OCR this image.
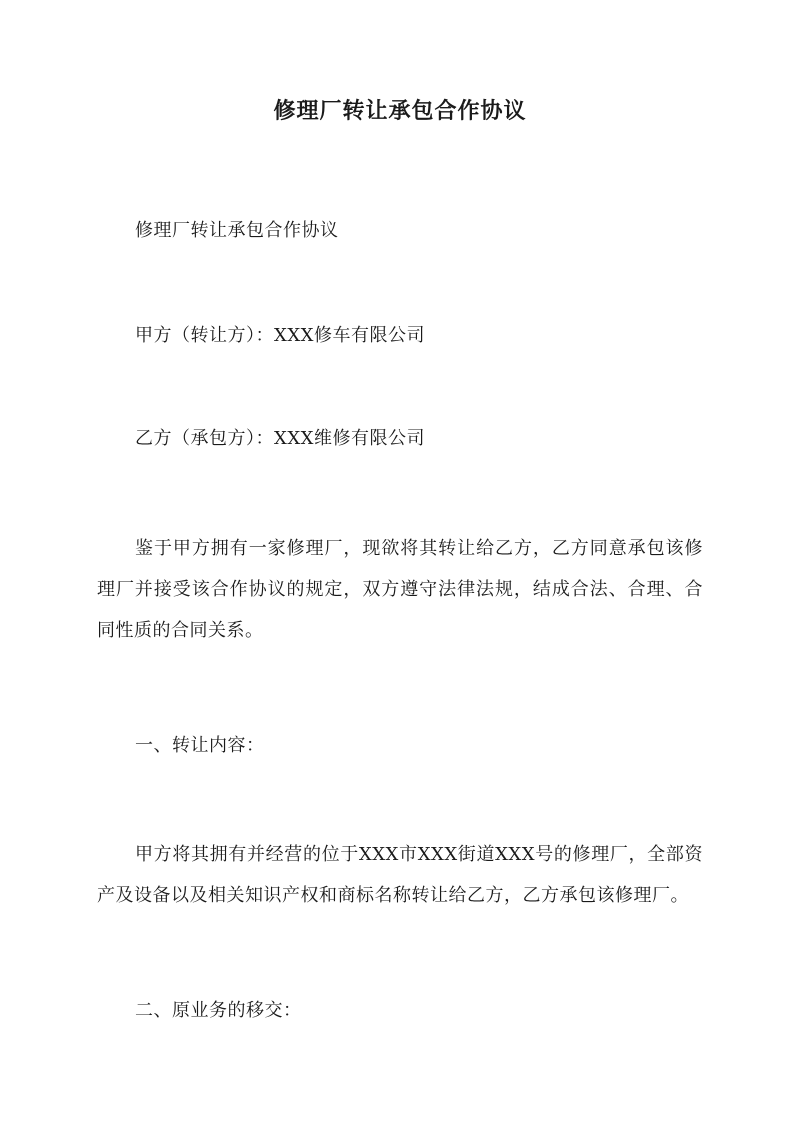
修理厂转让承包合作协议
修理厂转让承包合作协议
甲方（转让方）：XXX修车有限公司
乙方（承包方）：XXX维修有限公司
鉴于甲方拥有一家修理厂，现欲将其转让给乙方，乙方同意承包该修理厂并接受该合作协议的规定，双方遵守法律法规，结成合法、合理、合同性质的合同关系。
一、转让内容：
甲方将其拥有并经营的位于XXX市XXX街道XXX号的修理厂，全部资产及设备以及相关知识产权和商标名称转让给乙方，乙方承包该修理厂。
二、原业务的移交：
